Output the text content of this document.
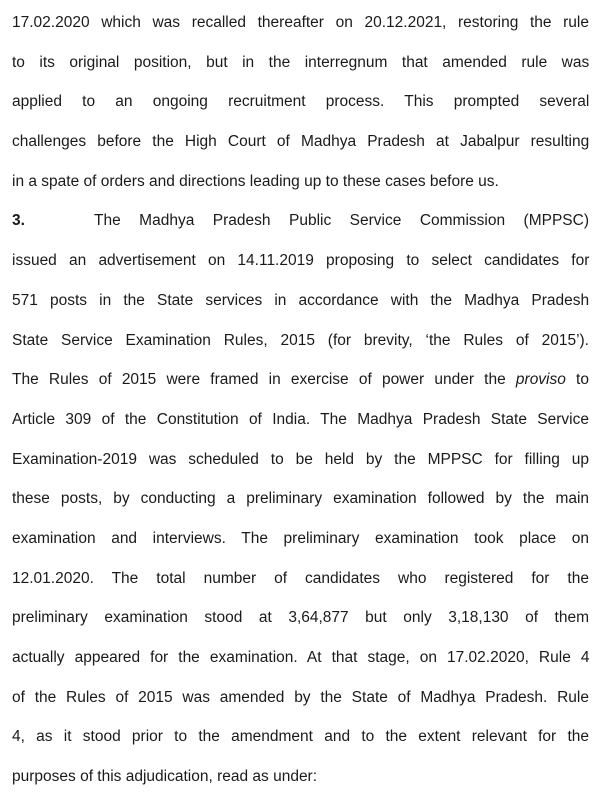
17.02.2020 which was recalled thereafter on 20.12.2021, restoring the rule
to its original position, but in the interregnum that amended rule was
applied to an ongoing recruitment process. This prompted several
challenges before the High Court of Madhya Pradesh at Jabalpur resulting
in a spate of orders and directions leading up to these cases before us.
3.	The Madhya Pradesh Public Service Commission (MPPSC)
issued an advertisement on 14.11.2019 proposing to select candidates for
571 posts in the State services in accordance with the Madhya Pradesh
State Service Examination Rules, 2015 (for brevity, ‘the Rules of 2015’).
The Rules of 2015 were framed in exercise of power under the proviso to
Article 309 of the Constitution of India. The Madhya Pradesh State Service
Examination-2019 was scheduled to be held by the MPPSC for filling up
these posts, by conducting a preliminary examination followed by the main
examination and interviews. The preliminary examination took place on
12.01.2020. The total number of candidates who registered for the
preliminary examination stood at 3,64,877 but only 3,18,130 of them
actually appeared for the examination. At that stage, on 17.02.2020, Rule 4
of the Rules of 2015 was amended by the State of Madhya Pradesh. Rule
4, as it stood prior to the amendment and to the extent relevant for the
purposes of this adjudication, read as under:
